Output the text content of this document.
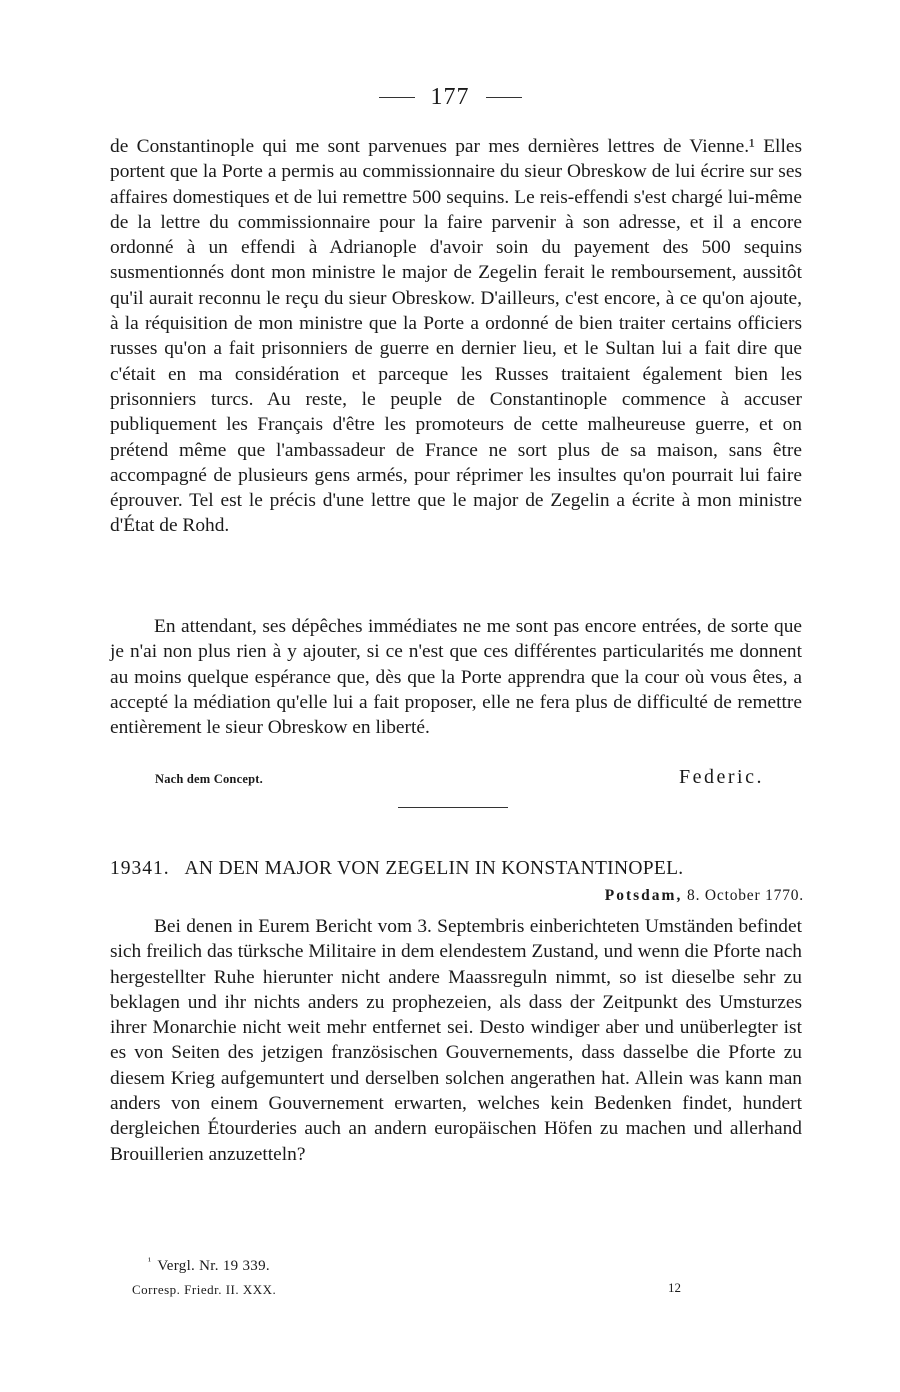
177

de Constantinople qui me sont parvenues par mes dernières lettres de Vienne.¹ Elles portent que la Porte a permis au commissionnaire du sieur Obreskow de lui écrire sur ses affaires domestiques et de lui remettre 500 sequins. Le reis-effendi s'est chargé lui-même de la lettre du commissionnaire pour la faire parvenir à son adresse, et il a encore ordonné à un effendi à Adrianople d'avoir soin du payement des 500 sequins susmentionnés dont mon ministre le major de Zegelin ferait le remboursement, aussitôt qu'il aurait reconnu le reçu du sieur Obreskow. D'ailleurs, c'est encore, à ce qu'on ajoute, à la réquisition de mon ministre que la Porte a ordonné de bien traiter certains officiers russes qu'on a fait prisonniers de guerre en dernier lieu, et le Sultan lui a fait dire que c'était en ma considération et parceque les Russes traitaient également bien les prisonniers turcs. Au reste, le peuple de Constantinople commence à accuser publiquement les Français d'être les promoteurs de cette malheureuse guerre, et on prétend même que l'ambassadeur de France ne sort plus de sa maison, sans être accompagné de plusieurs gens armés, pour réprimer les insultes qu'on pourrait lui faire éprouver. Tel est le précis d'une lettre que le major de Zegelin a écrite à mon ministre d'État de Rohd.

En attendant, ses dépêches immédiates ne me sont pas encore entrées, de sorte que je n'ai non plus rien à y ajouter, si ce n'est que ces différentes particularités me donnent au moins quelque espérance que, dès que la Porte apprendra que la cour où vous êtes, a accepté la médiation qu'elle lui a fait proposer, elle ne fera plus de difficulté de remettre entièrement le sieur Obreskow en liberté.

Nach dem Concept.	Federic.
19341. AN DEN MAJOR VON ZEGELIN IN KONSTANTINOPEL.
Potsdam, 8. October 1770.

Bei denen in Eurem Bericht vom 3. Septembris einberichteten Umständen befindet sich freilich das türksche Militaire in dem elendestem Zustand, und wenn die Pforte nach hergestellter Ruhe hierunter nicht andere Maassreguln nimmt, so ist dieselbe sehr zu beklagen und ihr nichts anders zu prophezeien, als dass der Zeitpunkt des Umsturzes ihrer Monarchie nicht weit mehr entfernet sei. Desto windiger aber und unüberlegter ist es von Seiten des jetzigen französischen Gouvernements, dass dasselbe die Pforte zu diesem Krieg aufgemuntert und derselben solchen angerathen hat. Allein was kann man anders von einem Gouvernement erwarten, welches kein Bedenken findet, hundert dergleichen Étourderies auch an andern europäischen Höfen zu machen und allerhand Brouillerien anzuzetteln?

$^{^1}$ Vergl. Nr. 19 339.
Corresp. Friedr. II. XXX.	12
